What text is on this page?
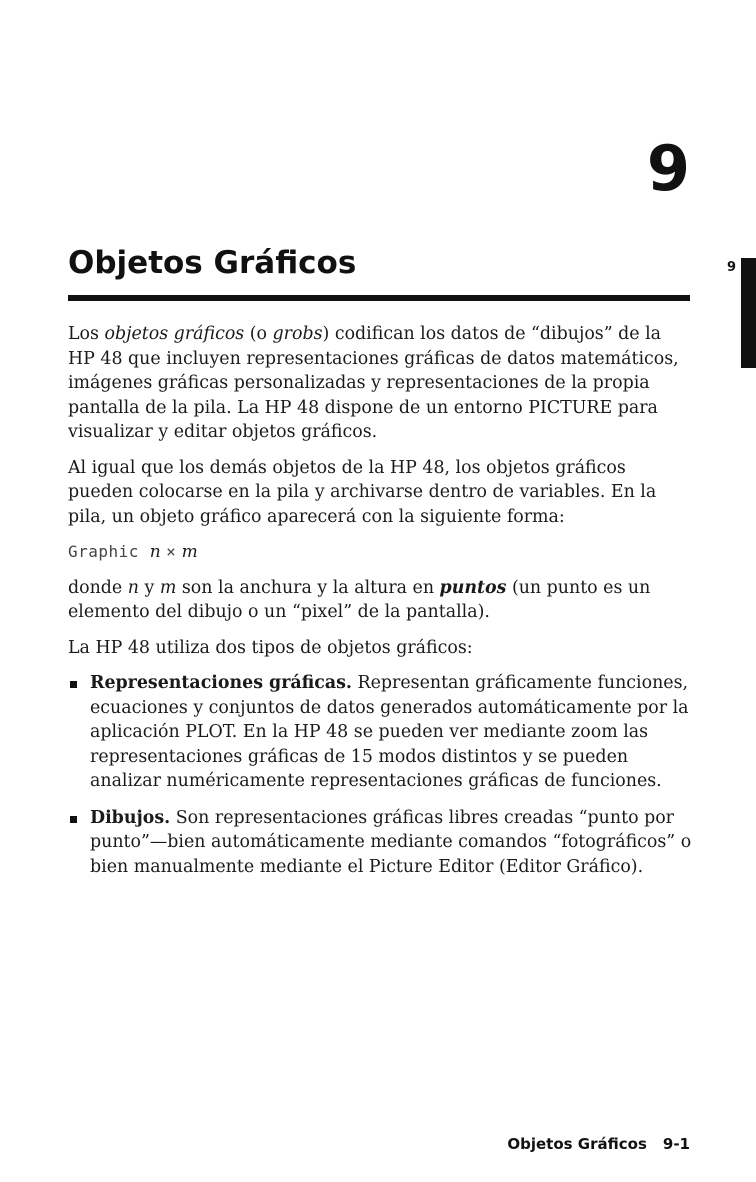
9
Objetos Gráficos	9

Los objetos gráficos (o grobs) codifican los datos de “dibujos” de la HP 48 que incluyen representaciones gráficas de datos matemáticos, imágenes gráficas personalizadas y representaciones de la propia pantalla de la pila. La HP 48 dispone de un entorno PICTURE para visualizar y editar objetos gráficos.

Al igual que los demás objetos de la HP 48, los objetos gráficos pueden colocarse en la pila y archivarse dentro de variables. En la pila, un objeto gráfico aparecerá con la siguiente forma:

Graphic n × m

donde n y m son la anchura y la altura en puntos (un punto es un elemento del dibujo o un “pixel” de la pantalla).

La HP 48 utiliza dos tipos de objetos gráficos:

Representaciones gráficas. Representan gráficamente funciones, ecuaciones y conjuntos de datos generados automáticamente por la aplicación PLOT. En la HP 48 se pueden ver mediante zoom las representaciones gráficas de 15 modos distintos y se pueden analizar numéricamente representaciones gráficas de funciones.
Dibujos. Son representaciones gráficas libres creadas “punto por punto”—bien automáticamente mediante comandos “fotográficos” o bien manualmente mediante el Picture Editor (Editor Gráfico).
Objetos Gráficos 9-1
